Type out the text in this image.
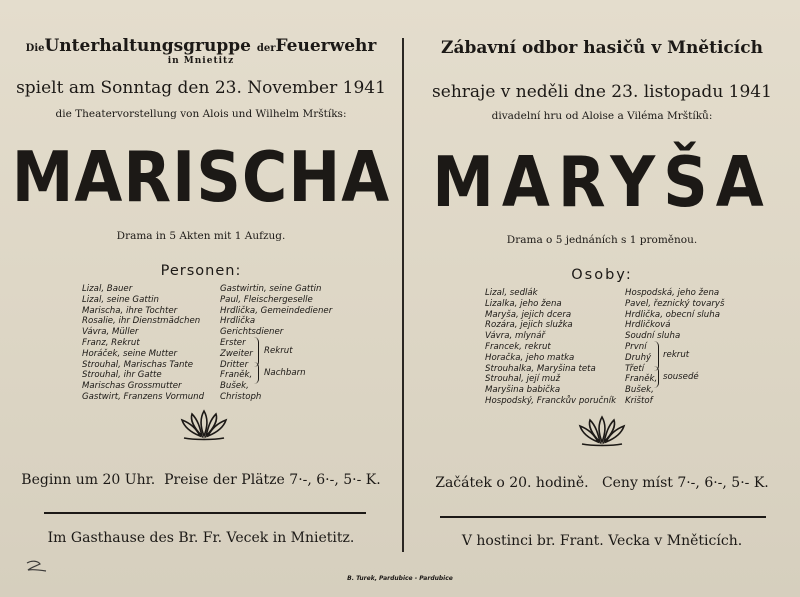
DieUnterhaltungsgruppe derFeuerwehr
in Mnietitz
spielt am Sonntag den 23. November 1941
die Theatervorstellung von Alois und Wilhelm Mrštíks:
MARISCHA
Drama in 5 Akten mit 1 Aufzug.
Personen:
Lizal, Bauer
Lizal, seine Gattin
Marischa, ihre Tochter
Rosalie, ihr Dienstmädchen
Vávra, Müller
Franz, Rekrut
Horáček, seine Mutter
Strouhal, Marischas Tante
Strouhal, ihr Gatte
Marischas Grossmutter
Gastwirt, Franzens Vormund
Gastwirtin, seine Gattin
Paul, Fleischergeselle
Hrdlička, Gemeindediener
Hrdlička
Gerichtsdiener
Erster
Zweiter
Dritter
Franěk,
Bušek,
Christoph
Rekrut
Nachbarn
Beginn um 20 Uhr. Preise der Plätze 7·-, 6·-, 5·- K.
Im Gasthause des Br. Fr. Vecek in Mnietitz.
Zábavní odbor hasičů v Mněticích
sehraje v neděli dne 23. listopadu 1941
divadelní hru od Aloise a Viléma Mrštíků:
MARYŠA
Drama o 5 jednáních s 1 proměnou.
Osoby:
Lizal, sedlák
Lizalka, jeho žena
Maryša, jejich dcera
Rozára, jejich služka
Vávra, mlynář
Francek, rekrut
Horačka, jeho matka
Strouhalka, Maryšina teta
Strouhal, její muž
Maryšina babička
Hospodský, Franckův poručník
Hospodská, jeho žena
Pavel, řeznický tovaryš
Hrdlička, obecní sluha
Hrdličková
Soudní sluha
První
Druhý
Třetí
Franěk,
Bušek,
Krištof
rekrut
sousedé
Začátek o 20. hodině. Ceny míst 7·-, 6·-, 5·- K.
V hostinci br. Frant. Vecka v Mněticích.
B. Turek, Pardubice - Pardubice
